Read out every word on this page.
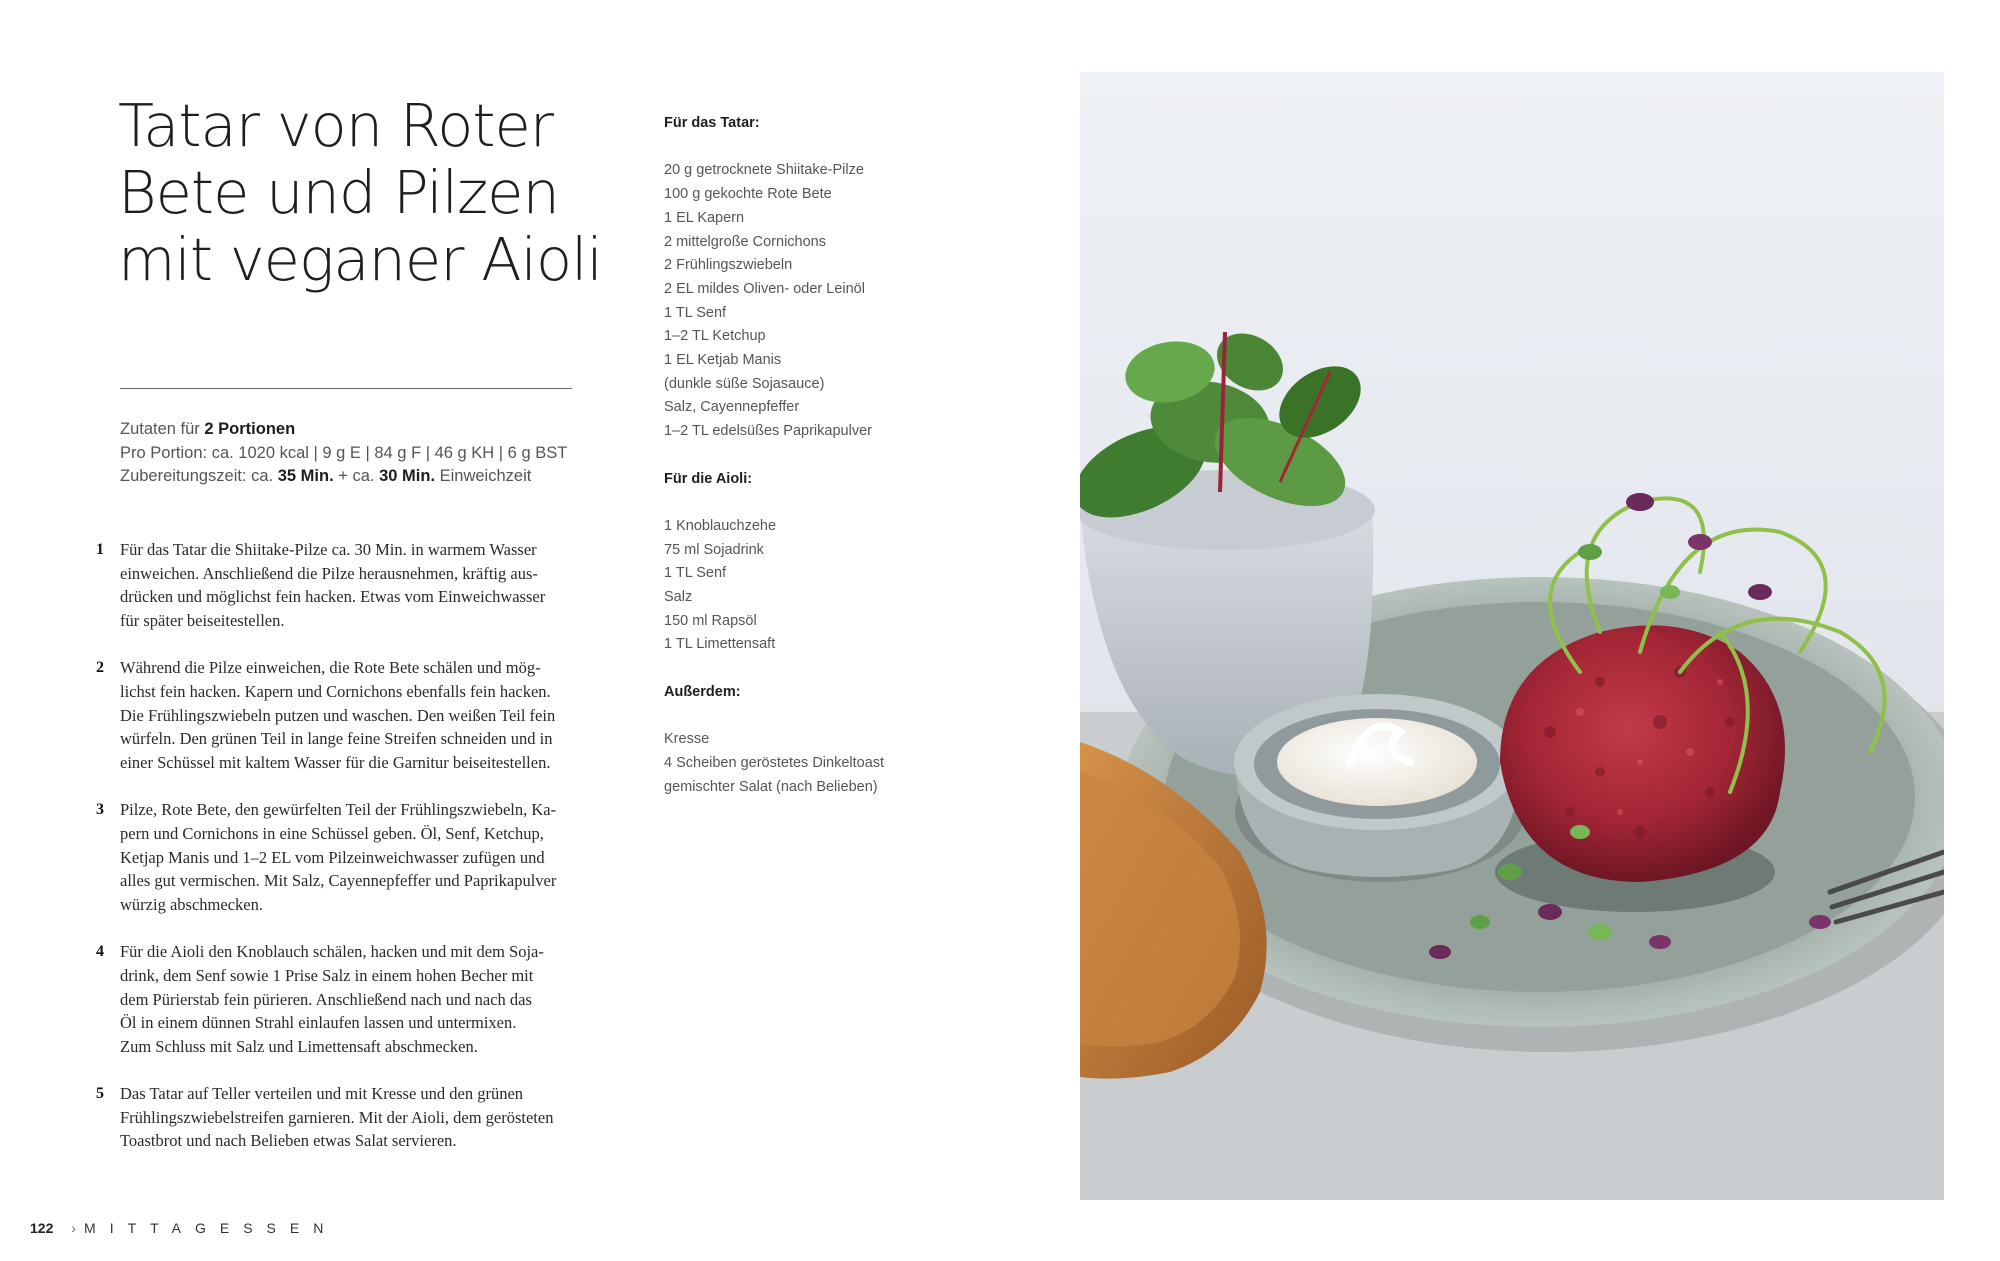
Tatar von Roter
Bete und Pilzen
mit veganer Aioli
Zutaten für 2 Portionen
Pro Portion: ca. 1020 kcal | 9 g E | 84 g F | 46 g KH | 6 g BST
Zubereitungszeit: ca. 35 Min. + ca. 30 Min. Einweichzeit
1 Für das Tatar die Shiitake-Pilze ca. 30 Min. in warmem Wasser
einweichen. Anschließend die Pilze herausnehmen, kräftig aus-
drücken und möglichst fein hacken. Etwas vom Einweichwasser
für später beiseitestellen.
2 Während die Pilze einweichen, die Rote Bete schälen und mög-
lichst fein hacken. Kapern und Cornichons ebenfalls fein hacken.
Die Frühlingszwiebeln putzen und waschen. Den weißen Teil fein
würfeln. Den grünen Teil in lange feine Streifen schneiden und in
einer Schüssel mit kaltem Wasser für die Garnitur beiseitestellen.
3 Pilze, Rote Bete, den gewürfelten Teil der Frühlingszwiebeln, Ka-
pern und Cornichons in eine Schüssel geben. Öl, Senf, Ketchup,
Ketjap Manis und 1–2 EL vom Pilzeinweichwasser zufügen und
alles gut vermischen. Mit Salz, Cayennepfeffer und Paprikapulver
würzig abschmecken.
4 Für die Aioli den Knoblauch schälen, hacken und mit dem Soja-
drink, dem Senf sowie 1 Prise Salz in einem hohen Becher mit
dem Pürierstab fein pürieren. Anschließend nach und nach das
Öl in einem dünnen Strahl einlaufen lassen und untermixen.
Zum Schluss mit Salz und Limettensaft abschmecken.
5 Das Tatar auf Teller verteilen und mit Kresse und den grünen
Frühlingszwiebelstreifen garnieren. Mit der Aioli, dem gerösteten
Toastbrot und nach Belieben etwas Salat servieren.
Für das Tatar:
20 g getrocknete Shiitake-Pilze
100 g gekochte Rote Bete
1 EL Kapern
2 mittelgroße Cornichons
2 Frühlingszwiebeln
2 EL mildes Oliven- oder Leinöl
1 TL Senf
1–2 TL Ketchup
1 EL Ketjab Manis
(dunkle süße Sojasauce)
Salz, Cayennepfeffer
1–2 TL edelsüßes Paprikapulver
Für die Aioli:
1 Knoblauchzehe
75 ml Sojadrink
1 TL Senf
Salz
150 ml Rapsöl
1 TL Limettensaft
Außerdem:
Kresse
4 Scheiben geröstetes Dinkeltoast
gemischter Salat (nach Belieben)
122 › MITTAGESSEN
